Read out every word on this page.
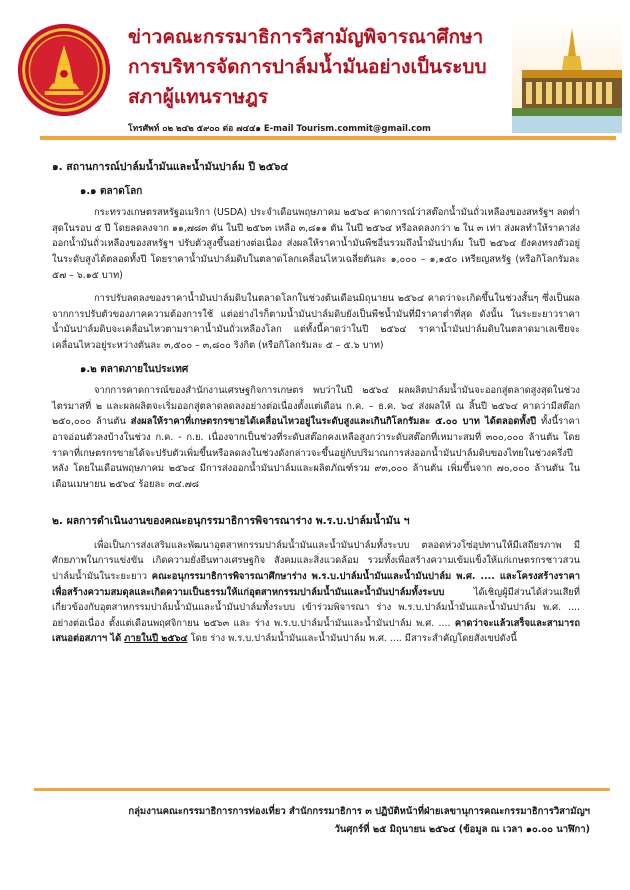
ข่าวคณะกรรมาธิการวิสามัญพิจารณาศึกษา
การบริหารจัดการปาล์มน้ำมันอย่างเป็นระบบ
สภาผู้แทนราษฎร
โทรศัพท์ ๐๒ ๒๔๒ ๕๙๐๐ ต่อ ๗๔๔๑ E-mail Tourism.commit@gmail.com
๑. สถานการณ์ปาล์มน้ำมันและน้ำมันปาล์ม ปี ๒๕๖๔
๑.๑ ตลาดโลก
กระทรวงเกษตรสหรัฐอเมริกา (USDA) ประจำเดือนพฤษภาคม ๒๕๖๔ คาดการณ์ว่าสต๊อกน้ำมันถั่วเหลืองของสหรัฐฯ ลดต่ำสุดในรอบ ๕ ปี โดยลดลงจาก ๑๑,๗๘๓ ตัน ในปี ๒๕๖๓ เหลือ ๓,๘๑๑ ตัน ในปี ๒๕๖๔ หรือลดลงกว่า ๒ ใน ๓ เท่า ส่งผลทำให้ราคาส่งออกน้ำมันถั่วเหลืองของสหรัฐฯ ปรับตัวสูงขึ้นอย่างต่อเนื่อง ส่งผลให้ราคาน้ำมันพืชอื่นรวมถึงน้ำมันปาล์ม ในปี ๒๕๖๔ ยังคงทรงตัวอยู่ในระดับสูงได้ตลอดทั้งปี โดยราคาน้ำมันปาล์มดิบในตลาดโลกเคลื่อนไหวเฉลี่ยตันละ ๑,๐๐๐ – ๑,๑๕๐ เหรียญสหรัฐ (หรือกิโลกรัมละ ๕๗ – ๖.๑๕ บาท)
การปรับลดลงของราคาน้ำมันปาล์มดิบในตลาดโลกในช่วงต้นเดือนมิถุนายน ๒๕๖๔ คาดว่าจะเกิดขึ้นในช่วงสั้นๆ ซึ่งเป็นผลจากการปรับตัวของภาคความต้องการใช้ แต่อย่างไรก็ตามน้ำมันปาล์มดิบยังเป็นพืชน้ำมันที่มีราคาต่ำที่สุด ดังนั้น ในระยะยาวราคาน้ำมันปาล์มดิบจะเคลื่อนไหวตามราคาน้ำมันถั่วเหลืองโลก แต่ทั้งนี้คาดว่าในปี ๒๕๖๔ ราคาน้ำมันปาล์มดิบในตลาดมาเลเซียจะเคลื่อนไหวอยู่ระหว่างตันละ ๓,๕๐๐ – ๓,๘๐๐ ริงกิต (หรือกิโลกรัมละ ๕ – ๕.๖ บาท)
๑.๒ ตลาดภายในประเทศ
จากการคาดการณ์ของสำนักงานเศรษฐกิจการเกษตร พบว่าในปี ๒๕๖๔ ผลผลิตปาล์มน้ำมันจะออกสู่ตลาดสูงสุดในช่วงไตรมาสที่ ๒ และผลผลิตจะเริ่มออกสู่ตลาดลดลงอย่างต่อเนื่องตั้งแต่เดือน ก.ค. – ธ.ค. ๖๔ ส่งผลให้ ณ สิ้นปี ๒๕๖๔ คาดว่ามีสต๊อก ๒๕๐,๐๐๐ ล้านตัน ส่งผลให้ราคาที่เกษตรกรขายได้เคลื่อนไหวอยู่ในระดับสูงและเกินกิโลกรัมละ ๕.๐๐ บาท ได้ตลอดทั้งปี ทั้งนี้ราคาอาจอ่อนตัวลงบ้างในช่วง ก.ค. - ก.ย. เนื่องจากเป็นช่วงที่ระดับสต๊อกคงเหลือสูงกว่าระดับสต๊อกที่เหมาะสมที่ ๓๐๐,๐๐๐ ล้านตัน โดยราคาที่เกษตรกรขายได้จะปรับตัวเพิ่มขึ้นหรือลดลงในช่วงดังกล่าวจะขึ้นอยู่กับปริมาณการส่งออกน้ำมันปาล์มดิบของไทยในช่วงครึ่งปีหลัง โดยในเดือนพฤษภาคม ๒๕๖๔ มีการส่งออกน้ำมันปาล์มและผลิตภัณฑ์รวม ๙๓,๐๐๐ ล้านตัน เพิ่มขึ้นจาก ๗๐,๐๐๐ ล้านตัน ในเดือนเมษายน ๒๕๖๔ ร้อยละ ๓๔.๗๘
๒. ผลการดำเนินงานของคณะอนุกรรมาธิการพิจารณาร่าง พ.ร.บ.ปาล์มน้ำมัน ฯ
เพื่อเป็นการส่งเสริมและพัฒนาอุตสาหกรรมปาล์มน้ำมันและน้ำมันปาล์มทั้งระบบ ตลอดห่วงโซ่อุปทานให้มีเสถียรภาพ มีศักยภาพในการแข่งขัน เกิดความยั่งยืนทางเศรษฐกิจ สังคมและสิ่งแวดล้อม รวมทั้งเพื่อสร้างความเข้มแข็งให้แก่เกษตรกรชาวสวนปาล์มน้ำมันในระยะยาว คณะอนุกรรมาธิการพิจารณาศึกษาร่าง พ.ร.บ.ปาล์มน้ำมันและน้ำมันปาล์ม พ.ศ. .... และโครงสร้างราคาเพื่อสร้างความสมดุลและเกิดความเป็นธรรมให้แก่อุตสาหกรรมปาล์มน้ำมันและน้ำมันปาล์มทั้งระบบ ได้เชิญผู้มีส่วนได้ส่วนเสียที่เกี่ยวข้องกับอุตสาหกรรมปาล์มน้ำมันและน้ำมันปาล์มทั้งระบบ เข้าร่วมพิจารณา ร่าง พ.ร.บ.ปาล์มน้ำมันและน้ำมันปาล์ม พ.ศ. .... อย่างต่อเนื่อง ตั้งแต่เดือนพฤศจิกายน ๒๕๖๓ และ ร่าง พ.ร.บ.ปาล์มน้ำมันและน้ำมันปาล์ม พ.ศ. .... คาดว่าจะแล้วเสร็จและสามารถเสนอต่อสภาฯ ได้ ภายในปี ๒๕๖๔ โดย ร่าง พ.ร.บ.ปาล์มน้ำมันและน้ำมันปาล์ม พ.ศ. .... มีสาระสำคัญโดยสังเขปดังนี้
กลุ่มงานคณะกรรมาธิการการท่องเที่ยว สำนักกรรมาธิการ ๓ ปฏิบัติหน้าที่ฝ่ายเลขานุการคณะกรรมาธิการวิสามัญฯ
วันศุกร์ที่ ๒๕ มิถุนายน ๒๕๖๔ (ข้อมูล ณ เวลา ๑๐.๐๐ นาฬิกา)
